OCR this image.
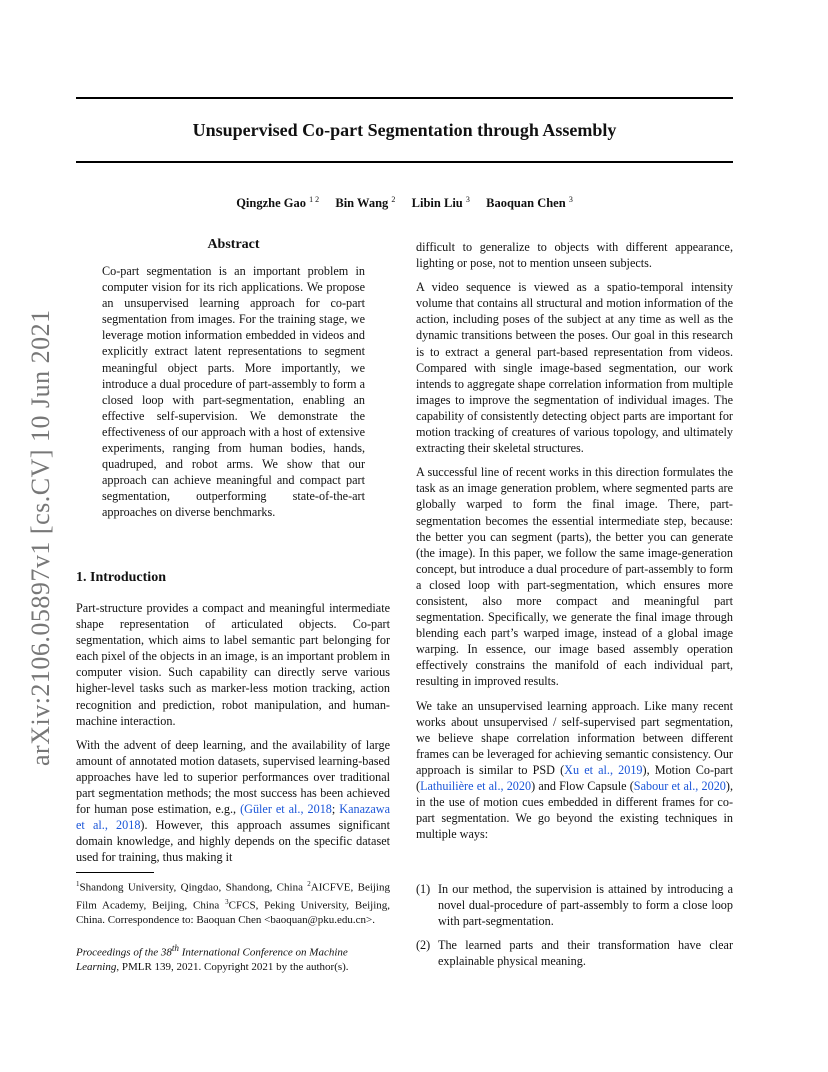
Unsupervised Co-part Segmentation through Assembly
Qingzhe Gao $^{1 2}$ Bin Wang $^2$ Libin Liu $^3$ Baoquan Chen $^3$
arXiv:2106.05897v1 [cs.CV] 10 Jun 2021
Abstract

Co-part segmentation is an important problem in computer vision for its rich applications. We propose an unsupervised learning approach for co-part segmentation from images. For the training stage, we leverage motion information embedded in videos and explicitly extract latent representations to segment meaningful object parts. More importantly, we introduce a dual procedure of part-assembly to form a closed loop with part-segmentation, enabling an effective self-supervision. We demonstrate the effectiveness of our approach with a host of extensive experiments, ranging from human bodies, hands, quadruped, and robot arms. We show that our approach can achieve meaningful and compact part segmentation, outperforming state-of-the-art approaches on diverse benchmarks.

1. Introduction

Part-structure provides a compact and meaningful intermediate shape representation of articulated objects. Co-part segmentation, which aims to label semantic part belonging for each pixel of the objects in an image, is an important problem in computer vision. Such capability can directly serve various higher-level tasks such as marker-less motion tracking, action recognition and prediction, robot manipulation, and human-machine interaction.

With the advent of deep learning, and the availability of large amount of annotated motion datasets, supervised learning-based approaches have led to superior performances over traditional part segmentation methods; the most success has been achieved for human pose estimation, e.g., (Güler et al., 2018; Kanazawa et al., 2018). However, this approach assumes significant domain knowledge, and highly depends on the specific dataset used for training, thus making it

difficult to generalize to objects with different appearance, lighting or pose, not to mention unseen subjects.

A video sequence is viewed as a spatio-temporal intensity volume that contains all structural and motion information of the action, including poses of the subject at any time as well as the dynamic transitions between the poses. Our goal in this research is to extract a general part-based representation from videos. Compared with single image-based segmentation, our work intends to aggregate shape correlation information from multiple images to improve the segmentation of individual images. The capability of consistently detecting object parts are important for motion tracking of creatures of various topology, and ultimately extracting their skeletal structures.

A successful line of recent works in this direction formulates the task as an image generation problem, where segmented parts are globally warped to form the final image. There, part-segmentation becomes the essential intermediate step, because: the better you can segment (parts), the better you can generate (the image). In this paper, we follow the same image-generation concept, but introduce a dual procedure of part-assembly to form a closed loop with part-segmentation, which ensures more consistent, also more compact and meaningful part segmentation. Specifically, we generate the final image through blending each part’s warped image, instead of a global image warping. In essence, our image based assembly operation effectively constrains the manifold of each individual part, resulting in improved results.

We take an unsupervised learning approach. Like many recent works about unsupervised / self-supervised part segmentation, we believe shape correlation information between different frames can be leveraged for achieving semantic consistency. Our approach is similar to PSD (Xu et al., 2019), Motion Co-part (Lathuilière et al., 2020) and Flow Capsule (Sabour et al., 2020), in the use of motion cues embedded in different frames for co-part segmentation. We go beyond the existing techniques in multiple ways:

(1) In our method, the supervision is attained by introducing a novel dual-procedure of part-assembly to form a close loop with part-segmentation.
(2) The learned parts and their transformation have clear explainable physical meaning.
$^1$Shandong University, Qingdao, Shandong, China $^2$AICFVE, Beijing Film Academy, Beijing, China $^3$CFCS, Peking University, Beijing, China. Correspondence to: Baoquan Chen <baoquan@pku.edu.cn>.
Proceedings of the 38th International Conference on Machine Learning, PMLR 139, 2021. Copyright 2021 by the author(s).
